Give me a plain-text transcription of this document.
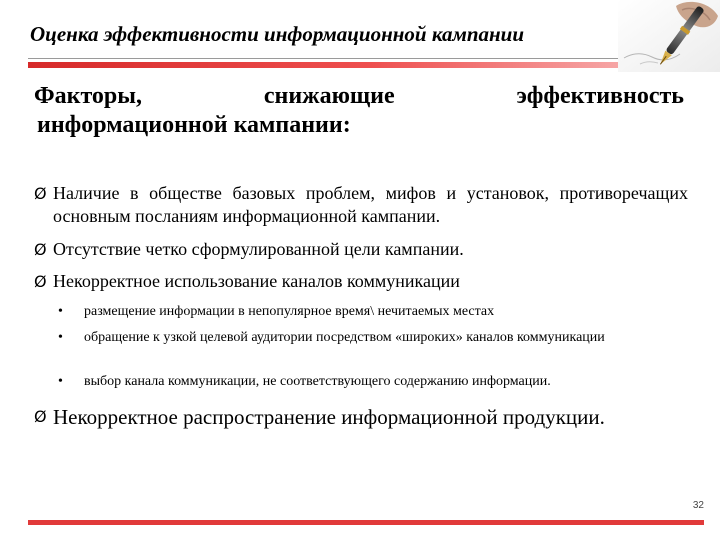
Оценка эффективности информационной кампании
Факторы,	снижающие	эффективность
информационной кампании:
Ø Наличие в обществе базовых проблем, мифов и установок, противоречащих основным посланиям информационной кампании.
Ø Отсутствие четко сформулированной цели кампании.
Ø Некорректное использование каналов коммуникации
• размещение информации в непопулярное время\ нечитаемых местах
• обращение к узкой целевой аудитории посредством «широких» каналов коммуникации
• выбор канала коммуникации, не соответствующего содержанию информации.
Ø Некорректное распространение информационной продукции.
32
